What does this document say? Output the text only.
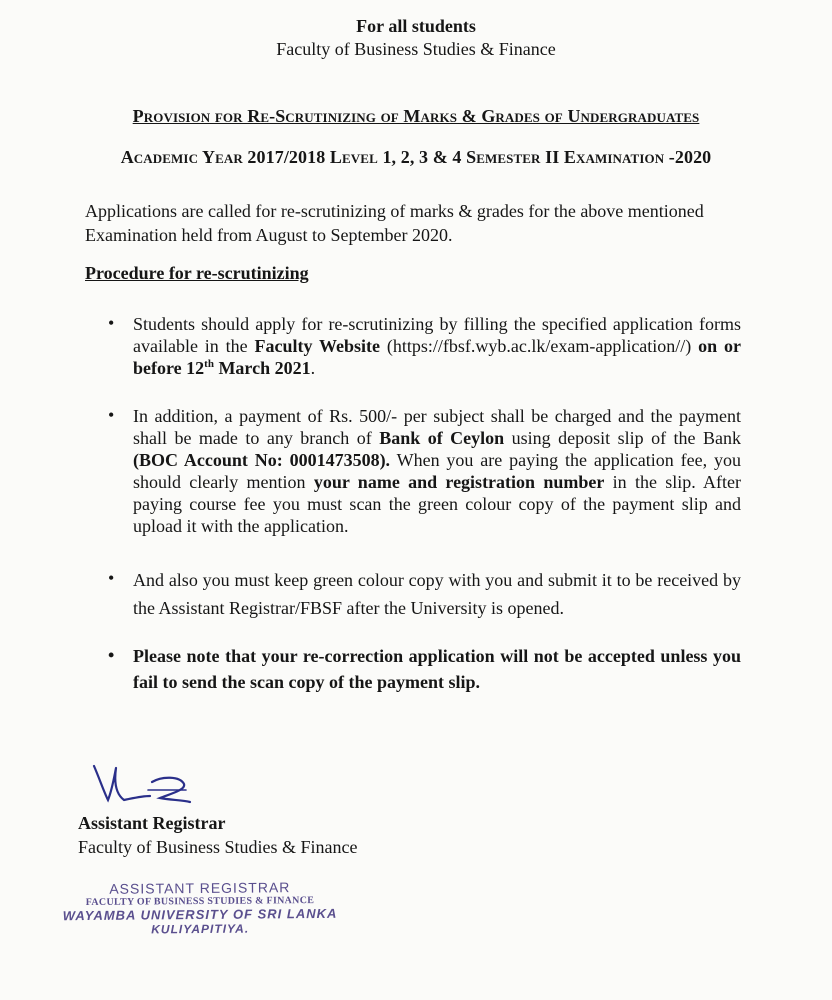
For all students
Faculty of Business Studies & Finance
Provision for Re-Scrutinizing of Marks & Grades of Undergraduates
Academic Year 2017/2018 Level 1, 2, 3 & 4 Semester II Examination -2020
Applications are called for re-scrutinizing of marks & grades for the above mentioned Examination held from August to September 2020.
Procedure for re-scrutinizing
• Students should apply for re-scrutinizing by filling the specified application forms available in the Faculty Website (https://fbsf.wyb.ac.lk/exam-application//) on or before 12th March 2021.
• In addition, a payment of Rs. 500/- per subject shall be charged and the payment shall be made to any branch of Bank of Ceylon using deposit slip of the Bank (BOC Account No: 0001473508). When you are paying the application fee, you should clearly mention your name and registration number in the slip. After paying course fee you must scan the green colour copy of the payment slip and upload it with the application.
• And also you must keep green colour copy with you and submit it to be received by the Assistant Registrar/FBSF after the University is opened.
• Please note that your re-correction application will not be accepted unless you fail to send the scan copy of the payment slip.
Assistant Registrar
Faculty of Business Studies & Finance
ASSISTANT REGISTRAR
FACULTY OF BUSINESS STUDIES & FINANCE
WAYAMBA UNIVERSITY OF SRI LANKA
KULIYAPITIYA.
